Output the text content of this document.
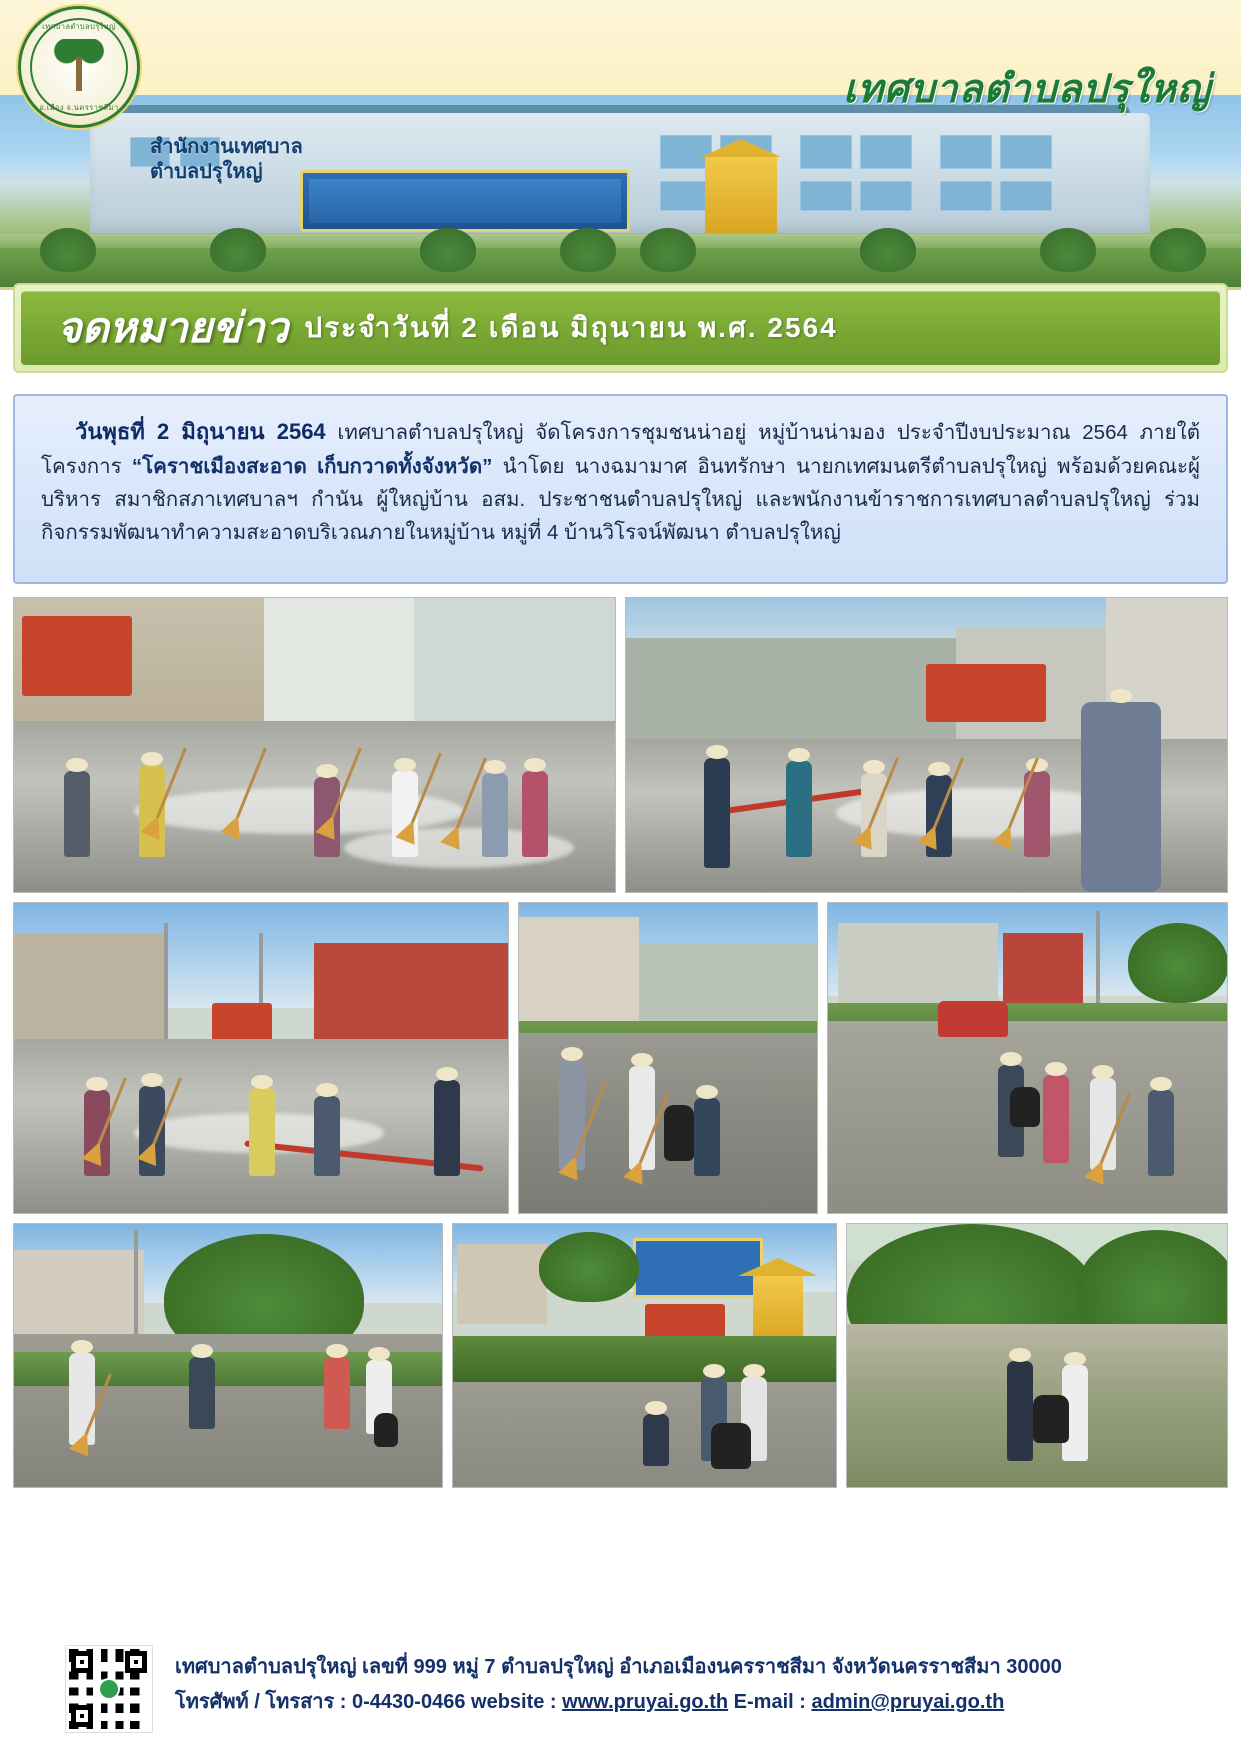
สำนักงานเทศบาล
ตำบลปรุใหญ่
เทศบาลตำบลปรุใหญ่
อ.เมือง จ.นครราชสีมา	เทศบาลตำบลปรุใหญ่
จดหมายข่าว ประจำวันที่ 2 เดือน มิถุนายน พ.ศ. 2564

วันพุธที่ 2 มิถุนายน 2564 เทศบาลตำบลปรุใหญ่ จัดโครงการชุมชนน่าอยู่ หมู่บ้านน่ามอง ประจำปีงบประมาณ 2564 ภายใต้โครงการ “โคราชเมืองสะอาด เก็บกวาดทั้งจังหวัด” นำโดย นางฉมามาศ อินทรักษา นายกเทศมนตรีตำบลปรุใหญ่ พร้อมด้วยคณะผู้บริหาร สมาชิกสภาเทศบาลฯ กำนัน ผู้ใหญ่บ้าน อสม. ประชาชนตำบลปรุใหญ่ และพนักงานข้าราชการเทศบาลตำบลปรุใหญ่ ร่วมกิจกรรมพัฒนาทำความสะอาดบริเวณภายในหมู่บ้าน หมู่ที่ 4 บ้านวิโรจน์พัฒนา ตำบลปรุใหญ่

เทศบาลตำบลปรุใหญ่ เลขที่ 999 หมู่ 7 ตำบลปรุใหญ่ อำเภอเมืองนครราชสีมา จังหวัดนครราชสีมา 30000
โทรศัพท์ / โทรสาร : 0-4430-0466 website : www.pruyai.go.th E-mail : admin@pruyai.go.th
